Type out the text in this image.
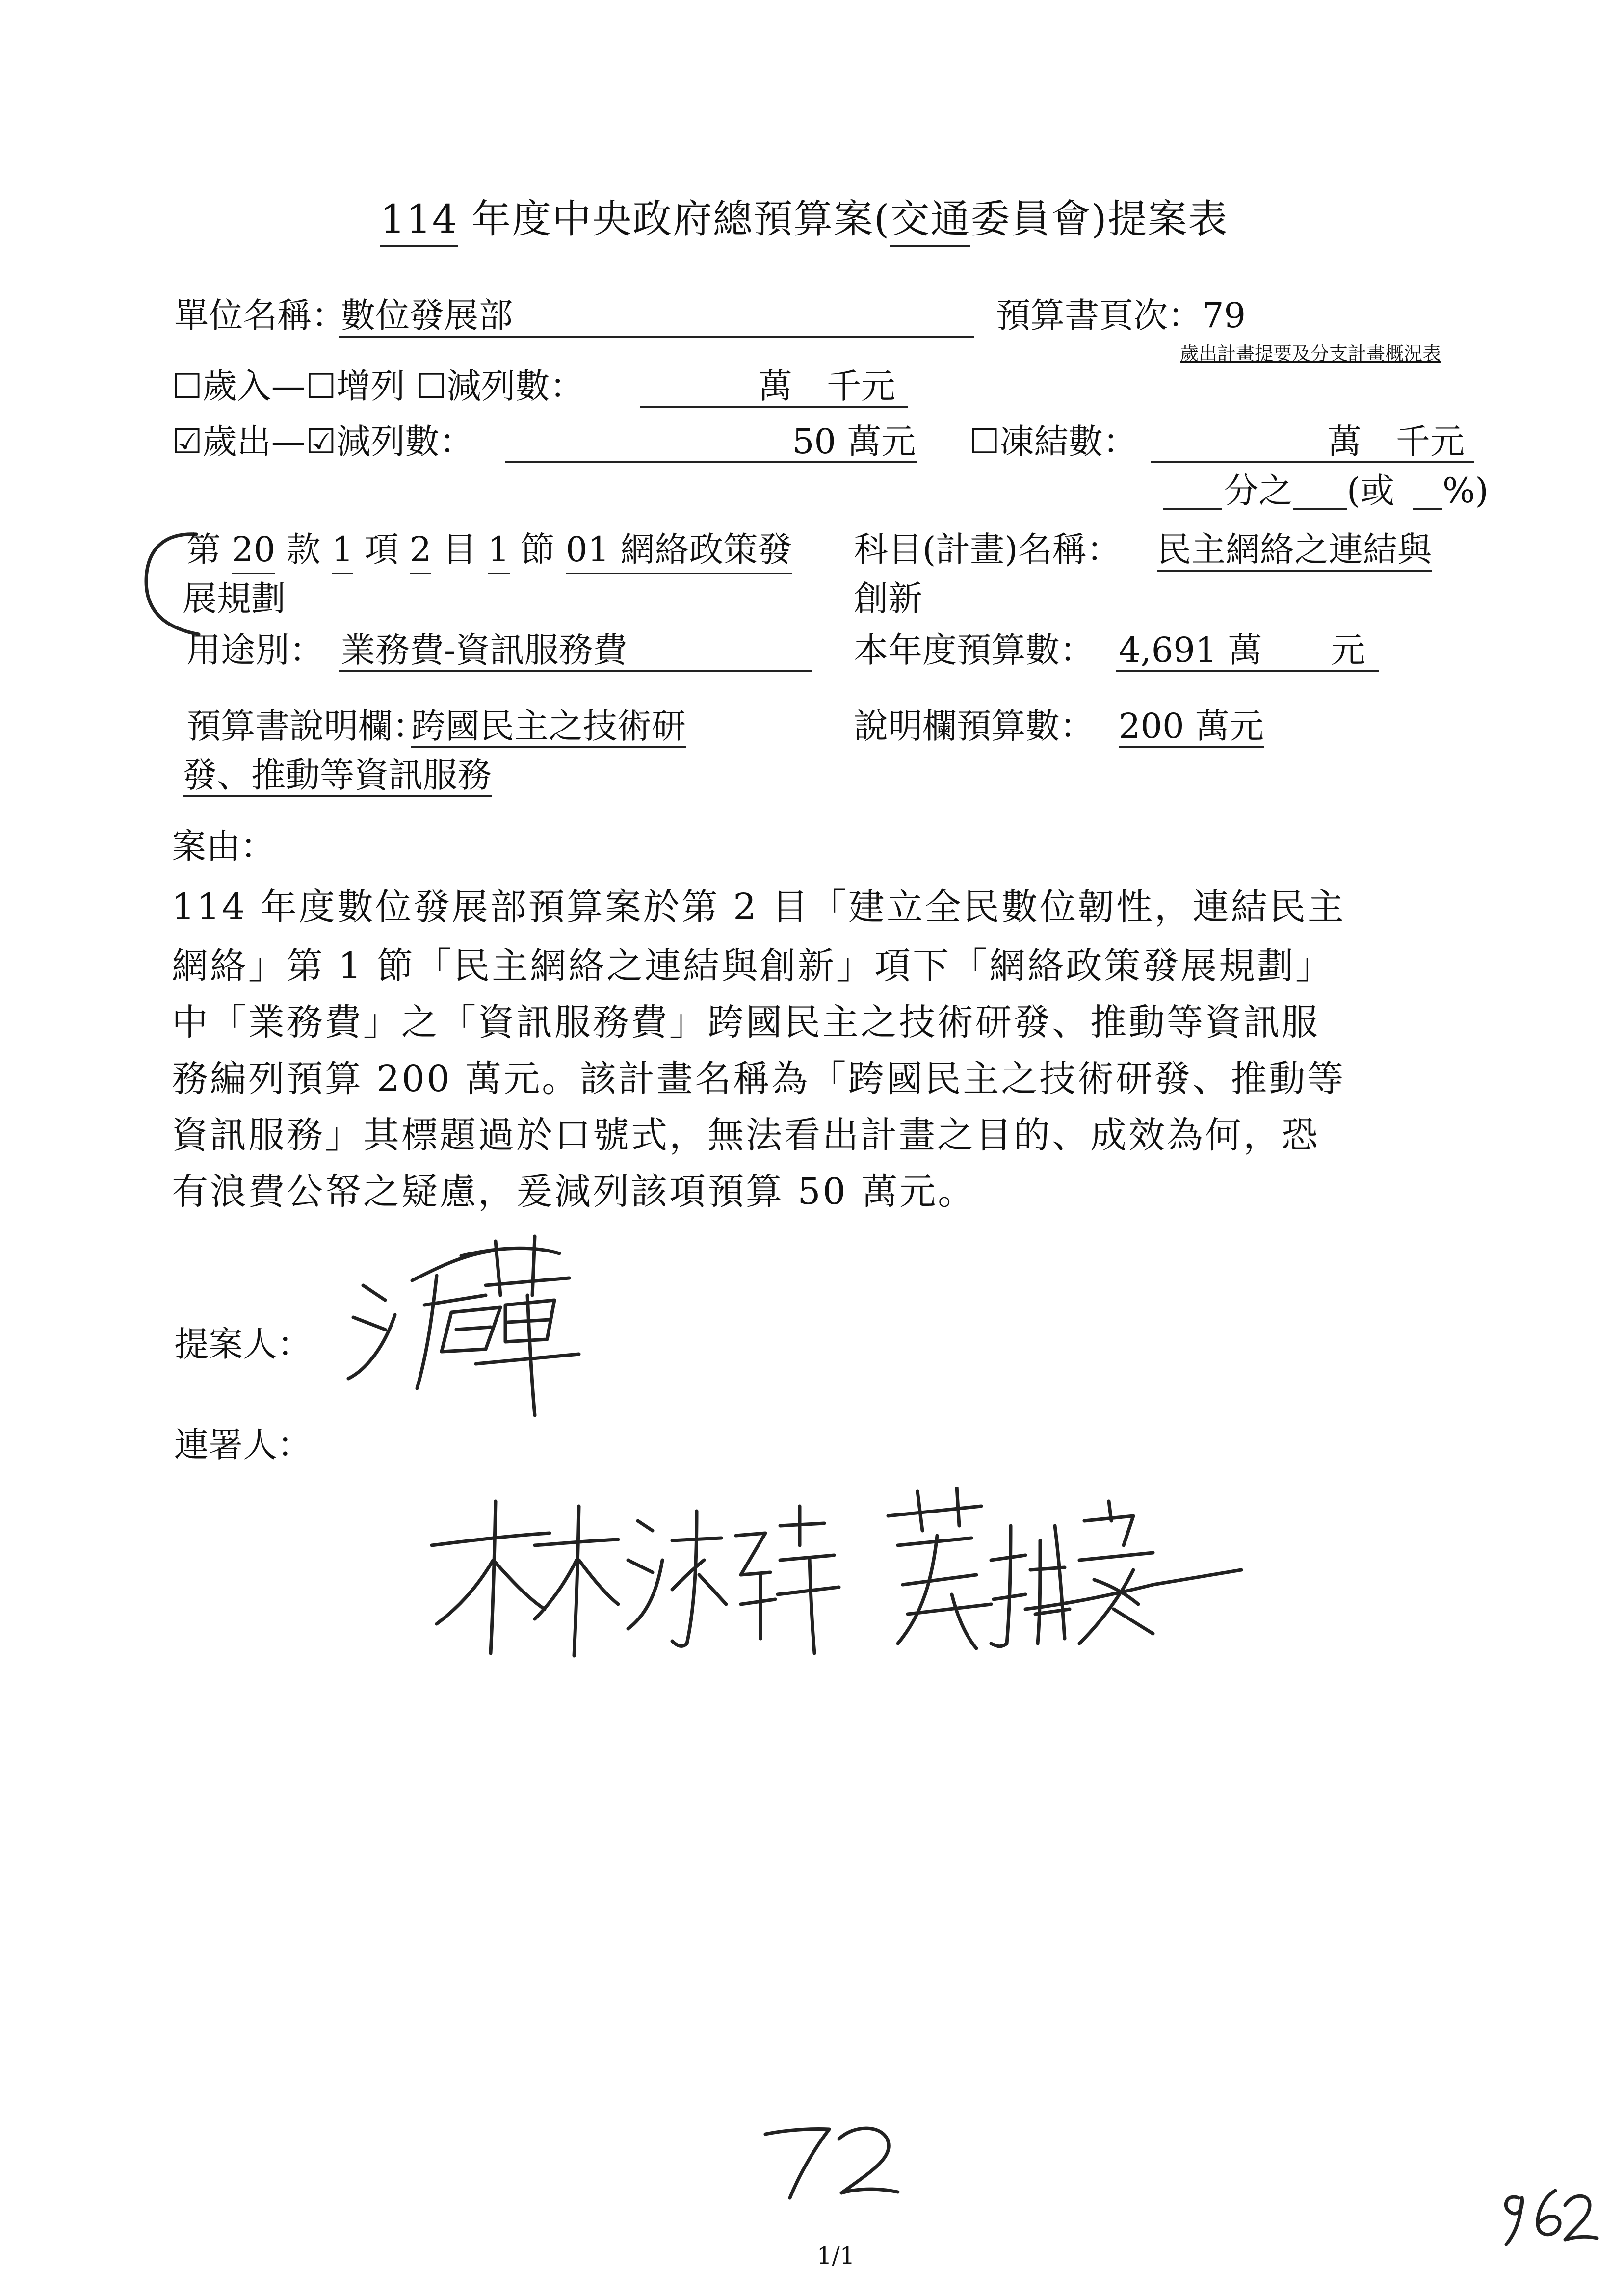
114 年度中央政府總預算案(交通委員會)提案表
單位名稱：
數位發展部	預算書頁次： 79
歲出計畫提要及分支計畫概況表
☐歲入—☐增列 ☐減列數：	萬　千元
☑歲出—☑減列數：	50 萬元 ☐凍結數：	萬　千元
分之 (或 %)
第 20 款 1 項 2 目 1 節 01 網絡政策發
展規劃
科目(計畫)名稱： 民主網絡之連結與
創新
用途別： 業務費-資訊服務費	本年度預算數： 4,691 萬　　元
預算書說明欄：
跨國民主之技術研
發、推動等資訊服務
說明欄預算數： 200 萬元
案由：
114 年度數位發展部預算案於第 2 目「建立全民數位韌性，連結民主
網絡」第 1 節「民主網絡之連結與創新」項下「網絡政策發展規劃」
中「業務費」之「資訊服務費」跨國民主之技術研發、推動等資訊服
務編列預算 200 萬元。該計畫名稱為「跨國民主之技術研發、推動等
資訊服務」其標題過於口號式，無法看出計畫之目的、成效為何，恐
有浪費公帑之疑慮，爰減列該項預算 50 萬元。
提案人：
連署人：
1/1
